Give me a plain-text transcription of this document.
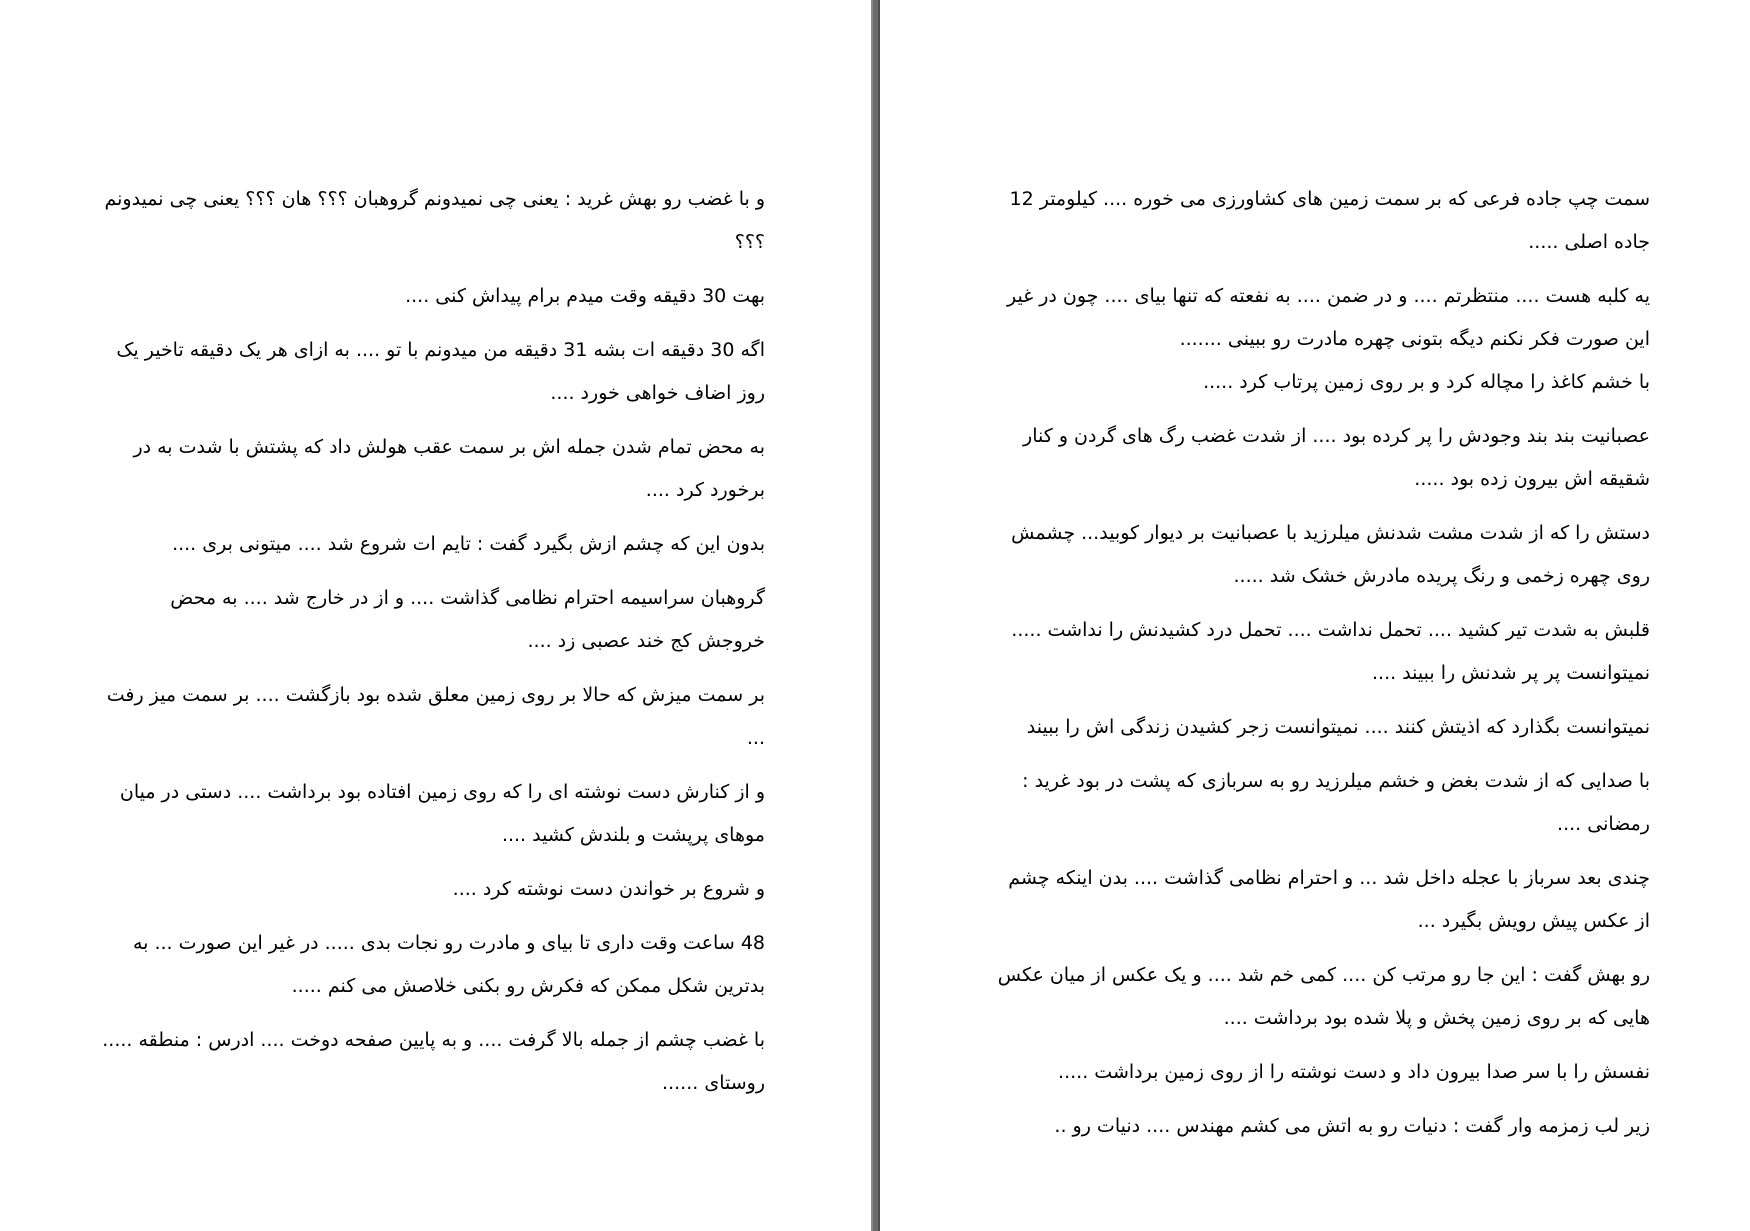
و با غضب رو بهش غرید : یعنی چی نمیدونم گروهبان ؟؟؟ هان ؟؟؟ یعنی چی نمیدونم ؟؟؟

بهت 30 دقیقه وقت میدم برام پیداش کنی ....

اگه 30 دقیقه ات بشه 31 دقیقه من میدونم با تو .... به ازای هر یک دقیقه تاخیر یک روز اضاف خواهی خورد ....

به محض تمام شدن جمله اش بر سمت عقب هولش داد که پشتش با شدت به در برخورد کرد ....

بدون این که چشم ازش بگیرد گفت : تایم ات شروع شد .... میتونی بری ....

گروهبان سراسیمه احترام نظامی گذاشت .... و از در خارج شد .... به محض خروجش کج خند عصبی زد ....

بر سمت میزش که حالا بر روی زمین معلق شده بود بازگشت .... بر سمت میز رفت ...

و از کنارش دست نوشته ای را که روی زمین افتاده بود برداشت .... دستی در میان موهای پرپشت و بلندش کشید ....

و شروع بر خواندن دست نوشته کرد ....

48 ساعت وقت داری تا بیای و مادرت رو نجات بدی ..... در غیر این صورت ... به بدترین شکل ممکن که فکرش رو بکنی خلاصش می کنم .....

با غضب چشم از جمله بالا گرفت .... و به پایین صفحه دوخت .... ادرس : منطقه ..... روستای ......

سمت چپ جاده فرعی که بر سمت زمین های کشاورزی می خوره .... کیلومتر 12 جاده اصلی .....

یه کلبه هست .... منتظرتم .... و در ضمن .... به نفعته که تنها بیای .... چون در غیر این صورت فکر نکنم دیگه بتونی چهره مادرت رو ببینی .......

با خشم کاغذ را مچاله کرد و بر روی زمین پرتاب کرد .....

عصبانیت بند بند وجودش را پر کرده بود .... از شدت غضب رگ های گردن و کنار شقیقه اش بیرون زده بود .....

دستش را که از شدت مشت شدنش میلرزید با عصبانیت بر دیوار کوبید... چشمش روی چهره زخمی و رنگ پریده مادرش خشک شد .....

قلبش به شدت تیر کشید .... تحمل نداشت .... تحمل درد کشیدنش را نداشت ..... نمیتوانست پر پر شدنش را ببیند ....

نمیتوانست بگذارد که اذیتش کنند .... نمیتوانست زجر کشیدن زندگی اش را ببیند

با صدایی که از شدت بغض و خشم میلرزید رو به سربازی که پشت در بود غرید : رمضانی ....

چندی بعد سرباز با عجله داخل شد ... و احترام نظامی گذاشت .... بدن اینکه چشم از عکس پیش رویش بگیرد ...

رو بهش گفت : این جا رو مرتب کن .... کمی خم شد .... و یک عکس از میان عکس هایی که بر روی زمین پخش و پلا شده بود برداشت ....

نفسش را با سر صدا بیرون داد و دست نوشته را از روی زمین برداشت .....

زیر لب زمزمه وار گفت : دنیات رو به اتش می کشم مهندس .... دنیات رو ..
